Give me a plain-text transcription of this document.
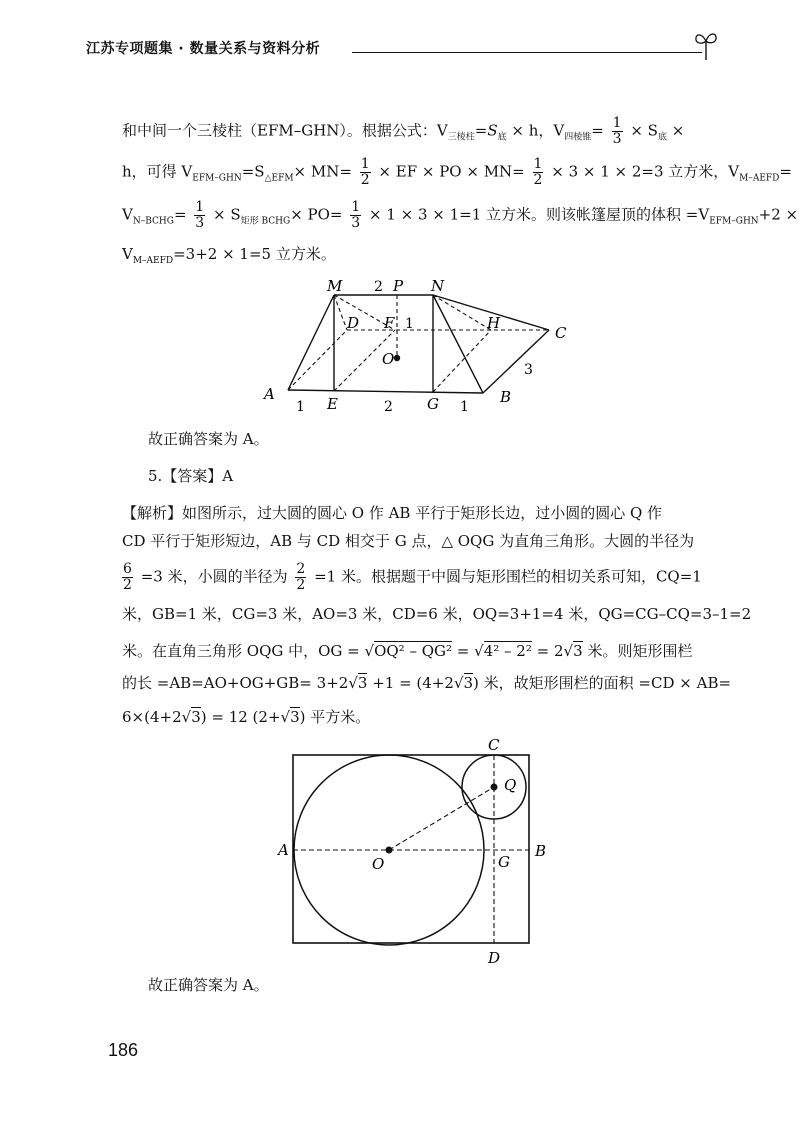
江苏专项题集 · 数量关系与资料分析
和中间一个三棱柱（EFM–GHN）。根据公式：$V_{三棱柱}=S_底 \times h$，$V_{四棱锥}= \frac{1}{3} \times S_底$ ×
h，可得 $V_{EFM-GHN}=S_{\triangle EFM}\times MN= \frac{1}{2}$ × EF × PO × $MN= \frac{1}{2} \times 3 \times 1 \times 2=3$ 立方米，$V_{M-AEFD}=$
$V_{N-BCHG}= \frac{1}{3} \times S_{矩形 BCHG}\times PO= \frac{1}{3} \times 1 \times 3 \times 1=1$ 立方米。则该帐篷屋顶的体积 $=V_{EFM-GHN}+2$ ×
$V_{M-AEFD}=3+2 \times 1=5$ 立方米。
M 2 P N
D F 1	H
C
O
3
A	B
1 E	2 G 1
故正确答案为 A。
5.【答案】A
【解析】如图所示，过大圆的圆心 O 作 AB 平行于矩形长边，过小圆的圆心 Q 作
CD 平行于矩形短边，AB 与 CD 相交于 G 点，△ OQG 为直角三角形。大圆的半径为
$\frac{6}{2} =3$ 米，小圆的半径为 $\frac{2}{2} =1$ 米。根据题干中圆与矩形围栏的相切关系可知，CQ=1
米，GB=1 米，CG=3 米，AO=3 米，CD=6 米，OQ=3+1=4 米，QG=CG–CQ=3–1=2
米。在直角三角形 OQG 中，OG = √OQ² – QG² = √4² – 2² = 2√3 米。则矩形围栏
的长 =AB=AO+OG+GB= 3+2√3 +1 = (4+2√3) 米，故矩形围栏的面积 =CD × AB=
6×(4+2√3) = 12 (2+√3) 平方米。
C
Q
A
O	G
B
D
故正确答案为 A。
186
